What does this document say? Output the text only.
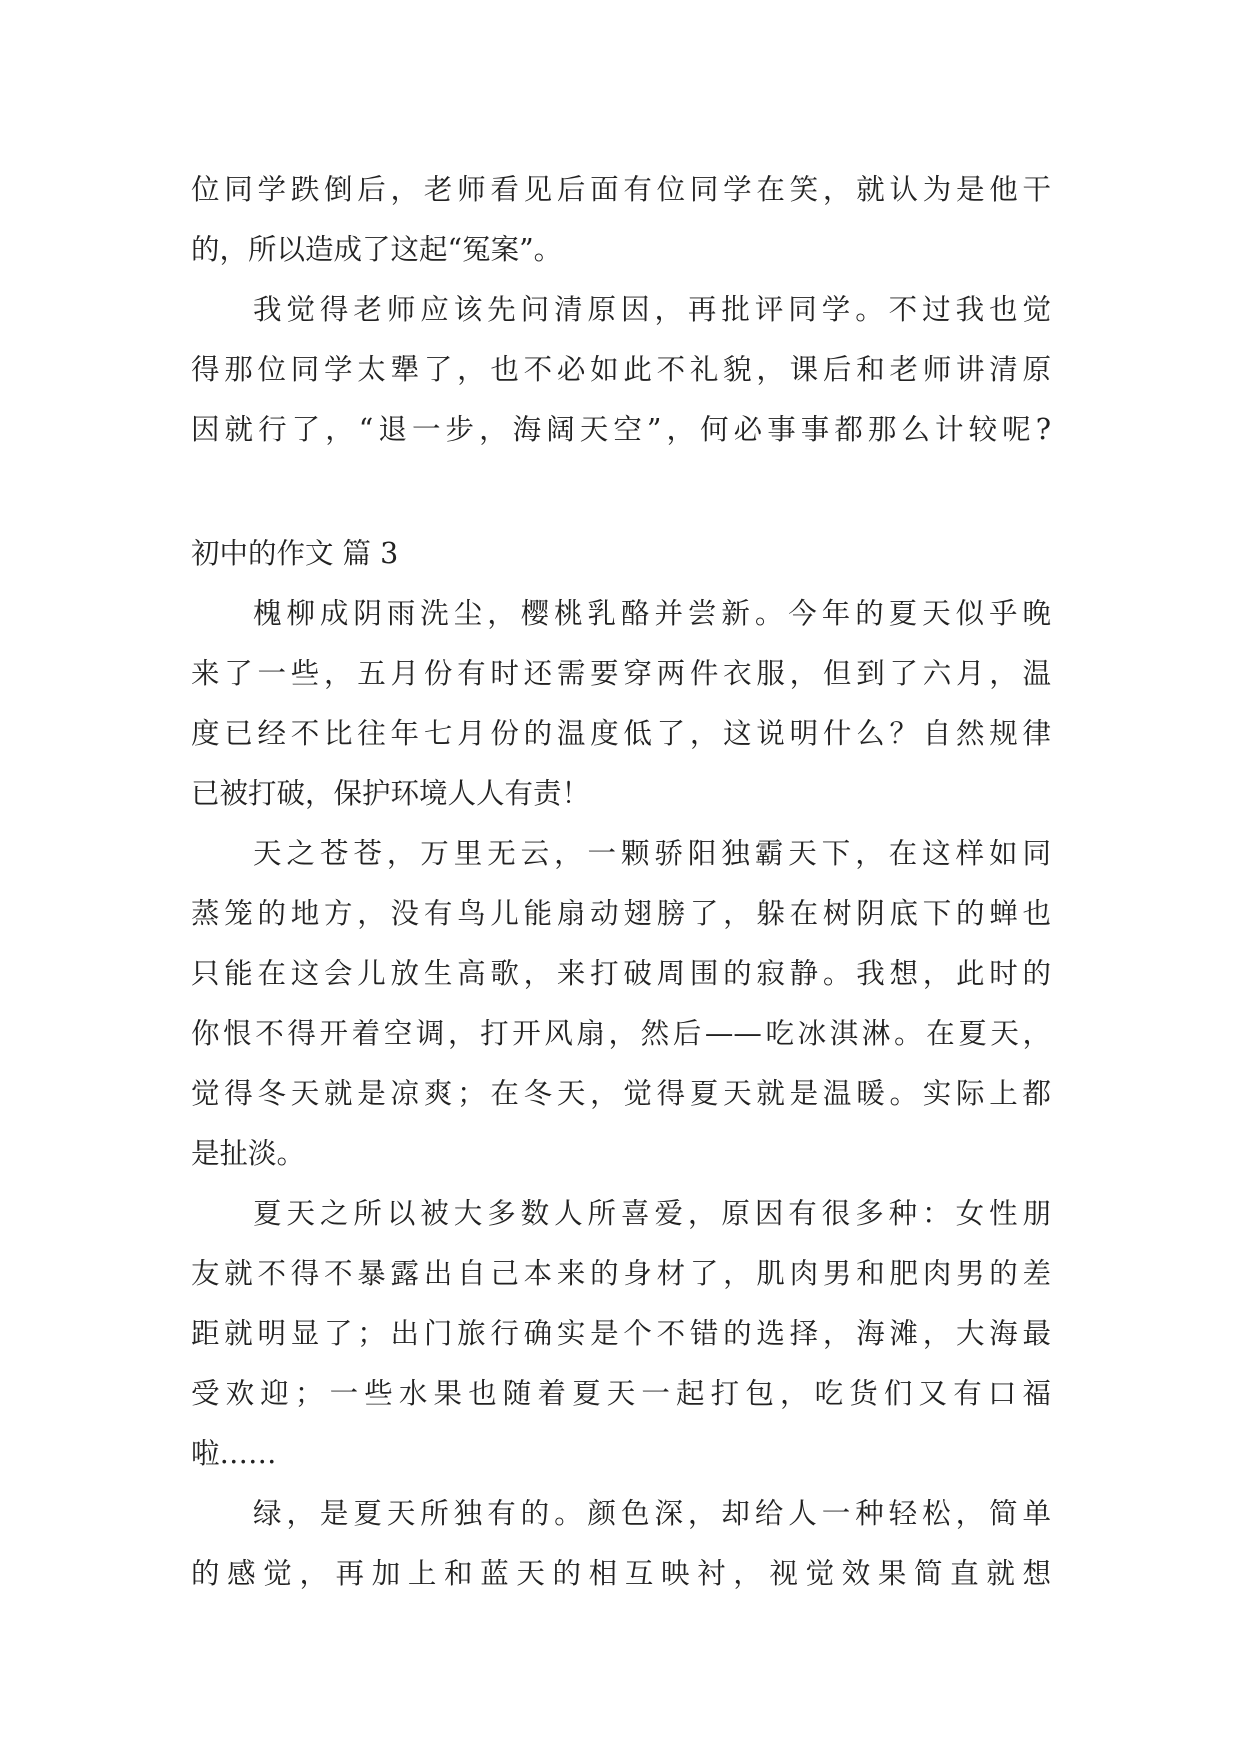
位同学跌倒后，老师看见后面有位同学在笑，就认为是他干
的，所以造成了这起“冤案”。
我觉得老师应该先问清原因，再批评同学。不过我也觉
得那位同学太犟了，也不必如此不礼貌，课后和老师讲清原
因就行了，“退一步，海阔天空”，何必事事都那么计较呢?
初中的作文 篇 3
槐柳成阴雨洗尘，樱桃乳酪并尝新。今年的夏天似乎晚
来了一些，五月份有时还需要穿两件衣服，但到了六月，温
度已经不比往年七月份的温度低了，这说明什么？自然规律
已被打破，保护环境人人有责！
天之苍苍，万里无云，一颗骄阳独霸天下，在这样如同
蒸笼的地方，没有鸟儿能扇动翅膀了，躲在树阴底下的蝉也
只能在这会儿放生高歌，来打破周围的寂静。我想，此时的
你恨不得开着空调，打开风扇，然后——吃冰淇淋。在夏天，
觉得冬天就是凉爽；在冬天，觉得夏天就是温暖。实际上都
是扯淡。
夏天之所以被大多数人所喜爱，原因有很多种：女性朋
友就不得不暴露出自己本来的身材了，肌肉男和肥肉男的差
距就明显了；出门旅行确实是个不错的选择，海滩，大海最
受欢迎；一些水果也随着夏天一起打包，吃货们又有口福
啦……
绿，是夏天所独有的。颜色深，却给人一种轻松，简单
的感觉，再加上和蓝天的相互映衬，视觉效果简直就想
